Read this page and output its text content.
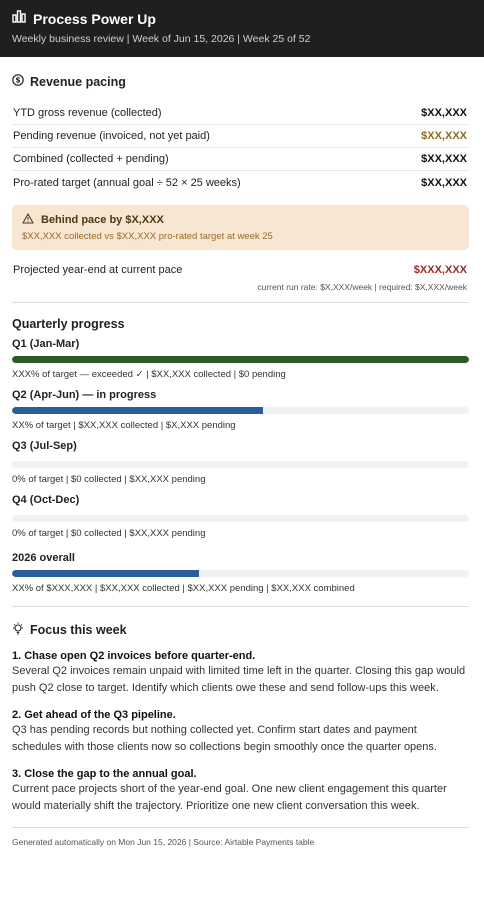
Process Power Up
Weekly business review | Week of Jun 15, 2026 | Week 25 of 52
$ Revenue pacing
YTD gross revenue (collected)	$XX,XXX
Pending revenue (invoiced, not yet paid)	$XX,XXX
Combined (collected + pending)	$XX,XXX
Pro-rated target (annual goal ÷ 52 × 25 weeks)	$XX,XXX
Behind pace by $X,XXX
$XX,XXX collected vs $XX,XXX pro-rated target at week 25
Projected year-end at current pace	$XXX,XXX
current run rate: $X,XXX/week | required: $X,XXX/week
Quarterly progress
Q1 (Jan-Mar)
XXX% of target — exceeded ✓ | $XX,XXX collected | $0 pending
Q2 (Apr-Jun) — in progress
XX% of target | $XX,XXX collected | $X,XXX pending
Q3 (Jul-Sep)
0% of target | $0 collected | $XX,XXX pending
Q4 (Oct-Dec)
0% of target | $0 collected | $XX,XXX pending
2026 overall
XX% of $XXX,XXX | $XX,XXX collected | $XX,XXX pending | $XX,XXX combined
Focus this week
1. Chase open Q2 invoices before quarter-end.
Several Q2 invoices remain unpaid with limited time left in the quarter. Closing this gap would push Q2 close to target. Identify which clients owe these and send follow-ups this week.
2. Get ahead of the Q3 pipeline.
Q3 has pending records but nothing collected yet. Confirm start dates and payment schedules with those clients now so collections begin smoothly once the quarter opens.
3. Close the gap to the annual goal.
Current pace projects short of the year-end goal. One new client engagement this quarter would materially shift the trajectory. Prioritize one new client conversation this week.
Generated automatically on Mon Jun 15, 2026 | Source: Airtable Payments table
